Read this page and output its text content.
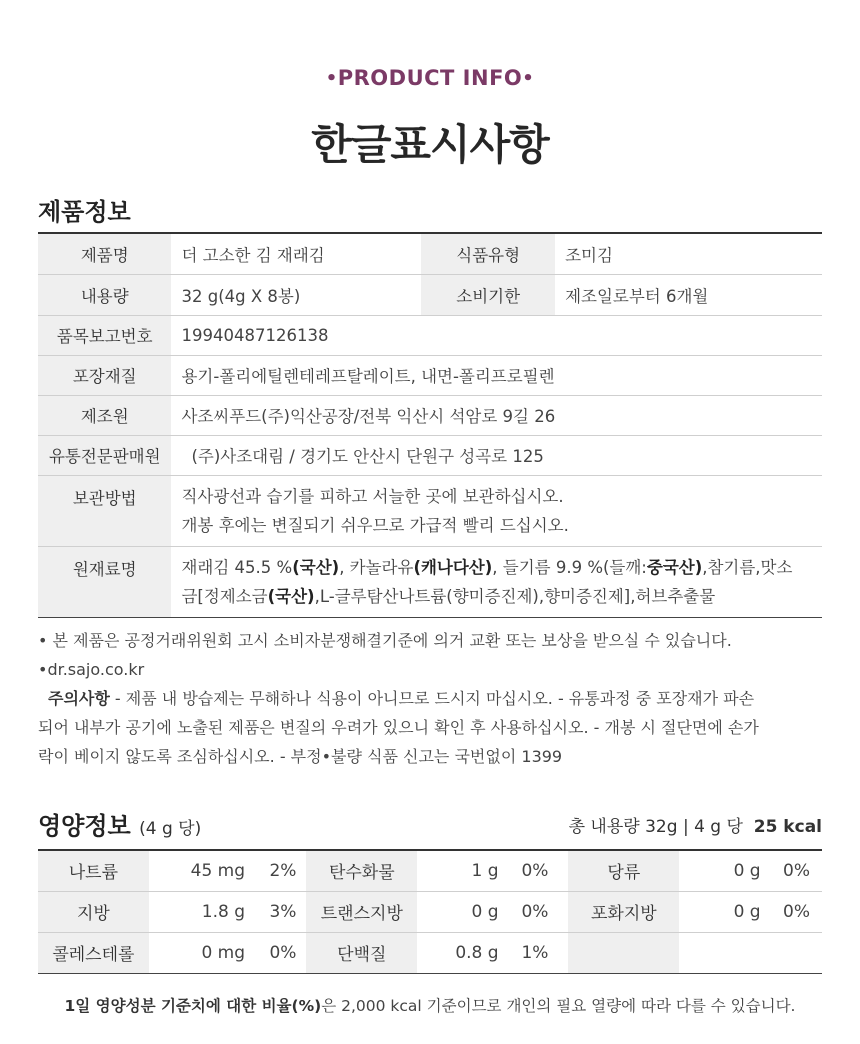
•PRODUCT INFO•
한글표시사항
제품정보
제품명	더 고소한 김 재래김	식품유형	조미김
내용량	32 g(4g X 8봉)	소비기한	제조일로부터 6개월
품목보고번호	19940487126138		
포장재질	용기-폴리에틸렌테레프탈레이트, 내면-폴리프로필렌		
제조원	사조씨푸드(주)익산공장/전북 익산시 석암로 9길 26		
유통전문판매원	(주)사조대림 / 경기도 안산시 단원구 성곡로 125		
보관방법	직사광선과 습기를 피하고 서늘한 곳에 보관하십시오.
개봉 후에는 변질되기 쉬우므로 가급적 빨리 드십시오.		

원재료명	재래김 45.5 %(국산), 카놀라유(캐나다산), 들기름 9.9 %(들깨:중국산),참기름,맛소
금[정제소금(국산),L-글루탐산나트륨(향미증진제),향미증진제],허브추출물		
• 본 제품은 공정거래위원회 고시 소비자분쟁해결기준에 의거 교환 또는 보상을 받으실 수 있습니다.
•dr.sajo.co.kr
주의사항 - 제품 내 방습제는 무해하나 식용이 아니므로 드시지 마십시오. - 유통과정 중 포장재가 파손
되어 내부가 공기에 노출된 제품은 변질의 우려가 있으니 확인 후 사용하십시오. - 개봉 시 절단면에 손가
락이 베이지 않도록 조심하십시오. - 부정•불량 식품 신고는 국번없이 1399
영양정보 (4 g 당)	총 내용량 32g | 4 g 당 25 kcal
나트륨	45 mg	2%	탄수화물	1 g	0%	당류	0 g	0%
지방	1.8 g	3%	트랜스지방	0 g	0%	포화지방	0 g	0%
콜레스테롤	0 mg	0%	단백질	0.8 g	1%			
1일 영양성분 기준치에 대한 비율(%)은 2,000 kcal 기준이므로 개인의 필요 열량에 따라 다를 수 있습니다.
